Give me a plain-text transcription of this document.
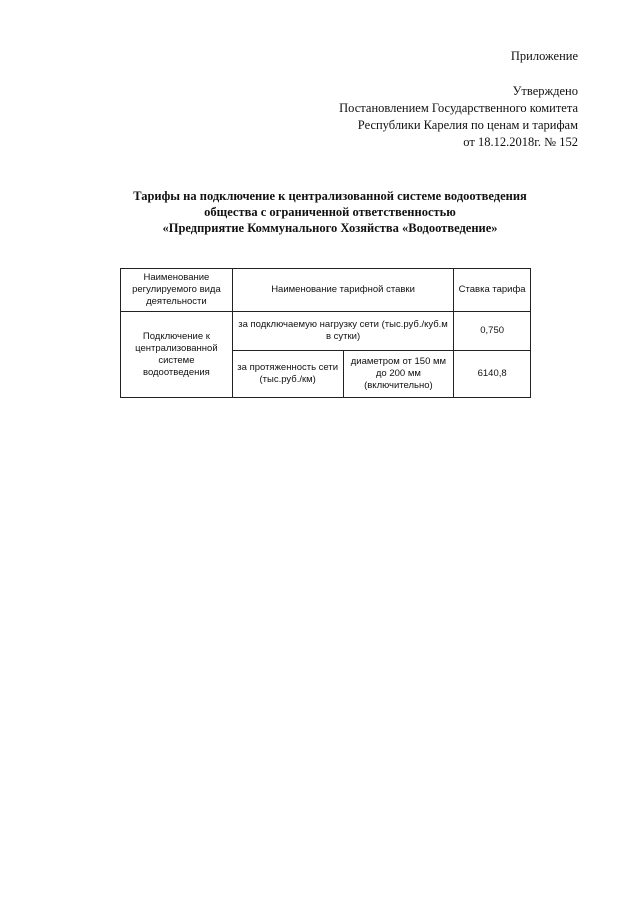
Приложение
Утверждено
Постановлением Государственного комитета
Республики Карелия по ценам и тарифам
от 18.12.2018г. № 152
Тарифы на подключение к централизованной системе водоотведения
общества с ограниченной ответственностью
«Предприятие Коммунального Хозяйства «Водоотведение»
Наименование регулируемого вида деятельности	Наименование тарифной ставки		Ставка тарифа
Подключение к централизованной системе водоотведения	за подключаемую нагрузку сети (тыс.руб./куб.м в сутки)		0,750
	за протяженность сети (тыс.руб./км)	диаметром от 150 мм до 200 мм (включительно)	6140,8
